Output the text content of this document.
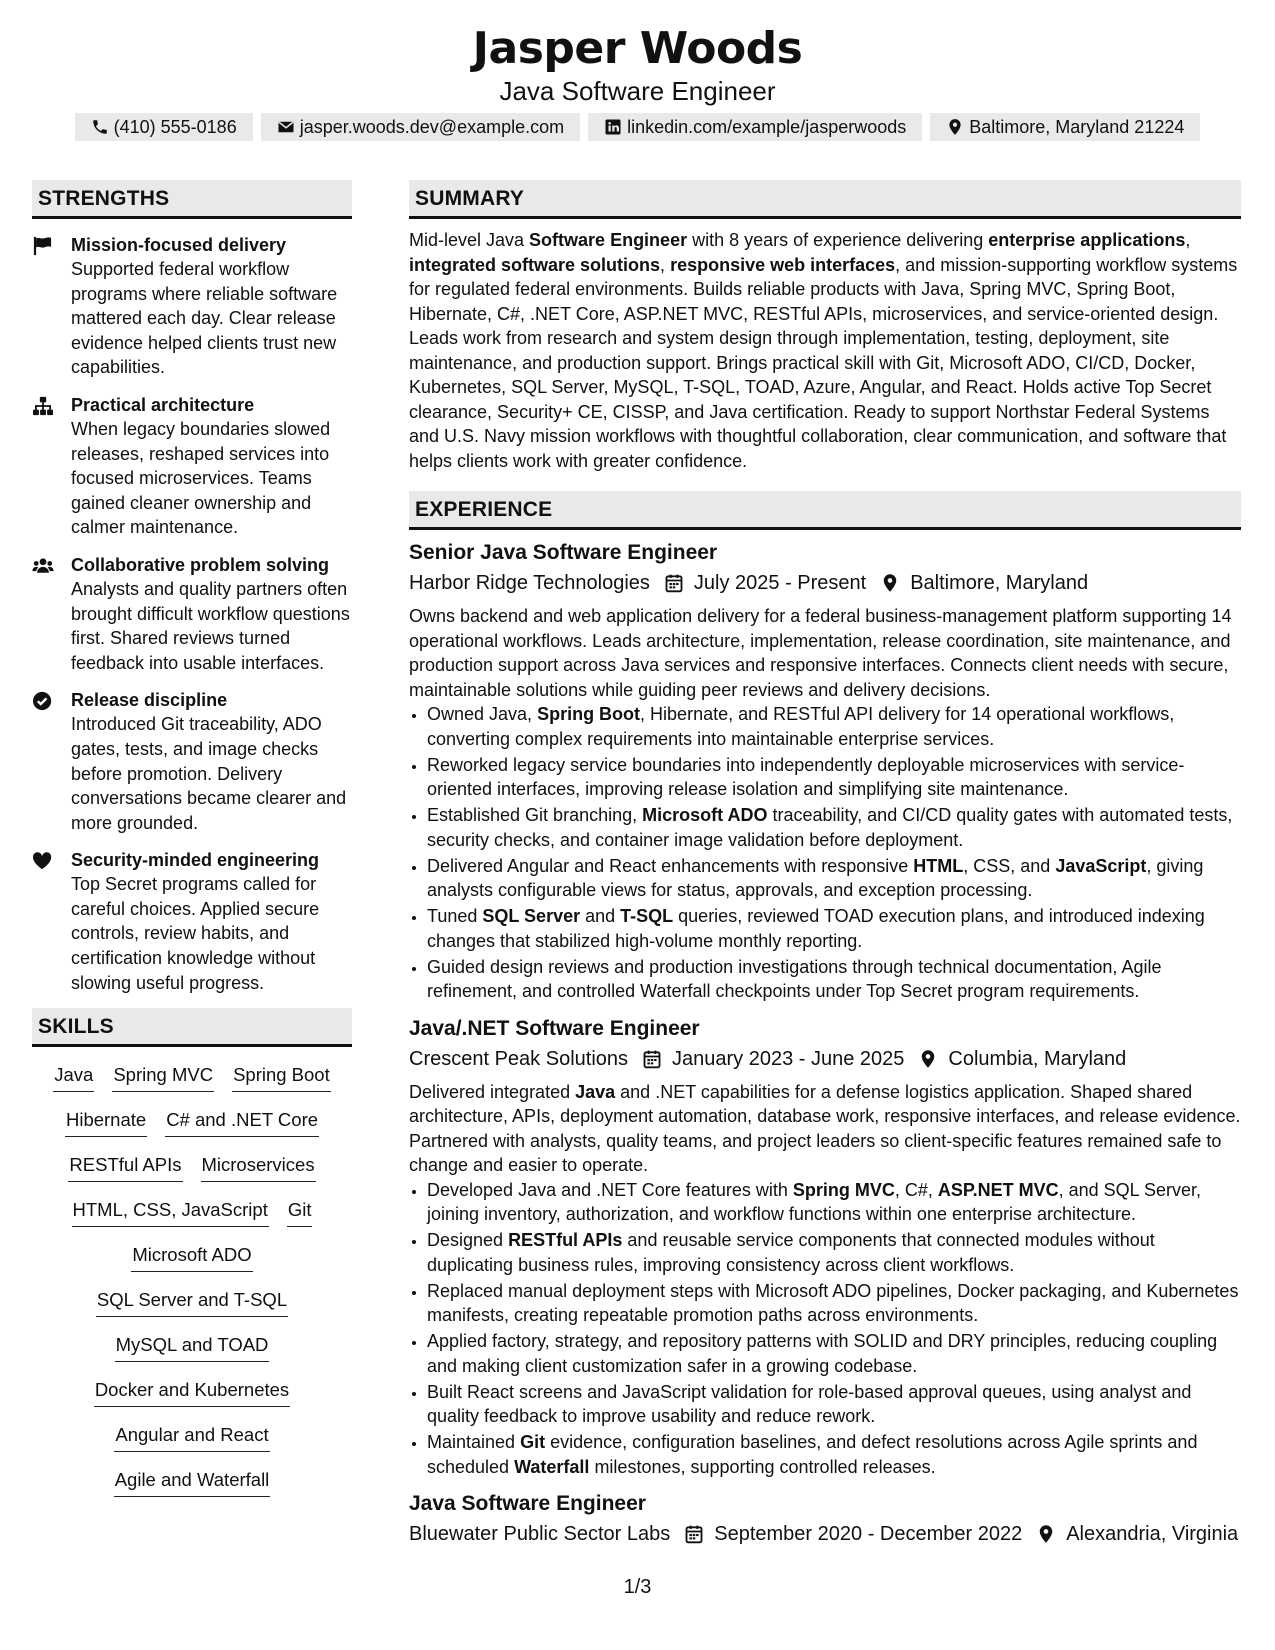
Jasper Woods
Java Software Engineer
(410) 555-0186	jasper.woods.dev@example.com	linkedin.com/example/jasperwoods	Baltimore, Maryland 21224
STRENGTHS
Mission-focused delivery
Supported federal workflow programs where reliable software mattered each day. Clear release evidence helped clients trust new capabilities.
Practical architecture
When legacy boundaries slowed releases, reshaped services into focused microservices. Teams gained cleaner ownership and calmer maintenance.
Collaborative problem solving
Analysts and quality partners often brought difficult workflow questions first. Shared reviews turned feedback into usable interfaces.
Release discipline
Introduced Git traceability, ADO gates, tests, and image checks before promotion. Delivery conversations became clearer and more grounded.
Security-minded engineering
Top Secret programs called for careful choices. Applied secure controls, review habits, and certification knowledge without slowing useful progress.
SKILLS
Java Spring MVC Spring Boot
Hibernate C# and .NET Core
RESTful APIs Microservices
HTML, CSS, JavaScript Git
Microsoft ADO
SQL Server and T-SQL
MySQL and TOAD
Docker and Kubernetes
Angular and React
Agile and Waterfall
SUMMARY
Mid-level Java Software Engineer with 8 years of experience delivering enterprise applications, integrated software solutions, responsive web interfaces, and mission-supporting workflow systems for regulated federal environments. Builds reliable products with Java, Spring MVC, Spring Boot, Hibernate, C#, .NET Core, ASP.NET MVC, RESTful APIs, microservices, and service-oriented design. Leads work from research and system design through implementation, testing, deployment, site maintenance, and production support. Brings practical skill with Git, Microsoft ADO, CI/CD, Docker, Kubernetes, SQL Server, MySQL, T-SQL, TOAD, Azure, Angular, and React. Holds active Top Secret clearance, Security+ CE, CISSP, and Java certification. Ready to support Northstar Federal Systems and U.S. Navy mission workflows with thoughtful collaboration, clear communication, and software that helps clients work with greater confidence.
EXPERIENCE
Senior Java Software Engineer
Harbor Ridge Technologies July 2025 - Present Baltimore, Maryland
Owns backend and web application delivery for a federal business-management platform supporting 14 operational workflows. Leads architecture, implementation, release coordination, site maintenance, and production support across Java services and responsive interfaces. Connects client needs with secure, maintainable solutions while guiding peer reviews and delivery decisions.
• Owned Java, Spring Boot, Hibernate, and RESTful API delivery for 14 operational workflows, converting complex requirements into maintainable enterprise services.
• Reworked legacy service boundaries into independently deployable microservices with service-oriented interfaces, improving release isolation and simplifying site maintenance.
• Established Git branching, Microsoft ADO traceability, and CI/CD quality gates with automated tests, security checks, and container image validation before deployment.
• Delivered Angular and React enhancements with responsive HTML, CSS, and JavaScript, giving analysts configurable views for status, approvals, and exception processing.
• Tuned SQL Server and T-SQL queries, reviewed TOAD execution plans, and introduced indexing changes that stabilized high-volume monthly reporting.
• Guided design reviews and production investigations through technical documentation, Agile refinement, and controlled Waterfall checkpoints under Top Secret program requirements.
Java/.NET Software Engineer
Crescent Peak Solutions January 2023 - June 2025 Columbia, Maryland
Delivered integrated Java and .NET capabilities for a defense logistics application. Shaped shared architecture, APIs, deployment automation, database work, responsive interfaces, and release evidence. Partnered with analysts, quality teams, and project leaders so client-specific features remained safe to change and easier to operate.
• Developed Java and .NET Core features with Spring MVC, C#, ASP.NET MVC, and SQL Server, joining inventory, authorization, and workflow functions within one enterprise architecture.
• Designed RESTful APIs and reusable service components that connected modules without duplicating business rules, improving consistency across client workflows.
• Replaced manual deployment steps with Microsoft ADO pipelines, Docker packaging, and Kubernetes manifests, creating repeatable promotion paths across environments.
• Applied factory, strategy, and repository patterns with SOLID and DRY principles, reducing coupling and making client customization safer in a growing codebase.
• Built React screens and JavaScript validation for role-based approval queues, using analyst and quality feedback to improve usability and reduce rework.
• Maintained Git evidence, configuration baselines, and defect resolutions across Agile sprints and scheduled Waterfall milestones, supporting controlled releases.
Java Software Engineer
Bluewater Public Sector Labs September 2020 - December 2022 Alexandria, Virginia
1/3
